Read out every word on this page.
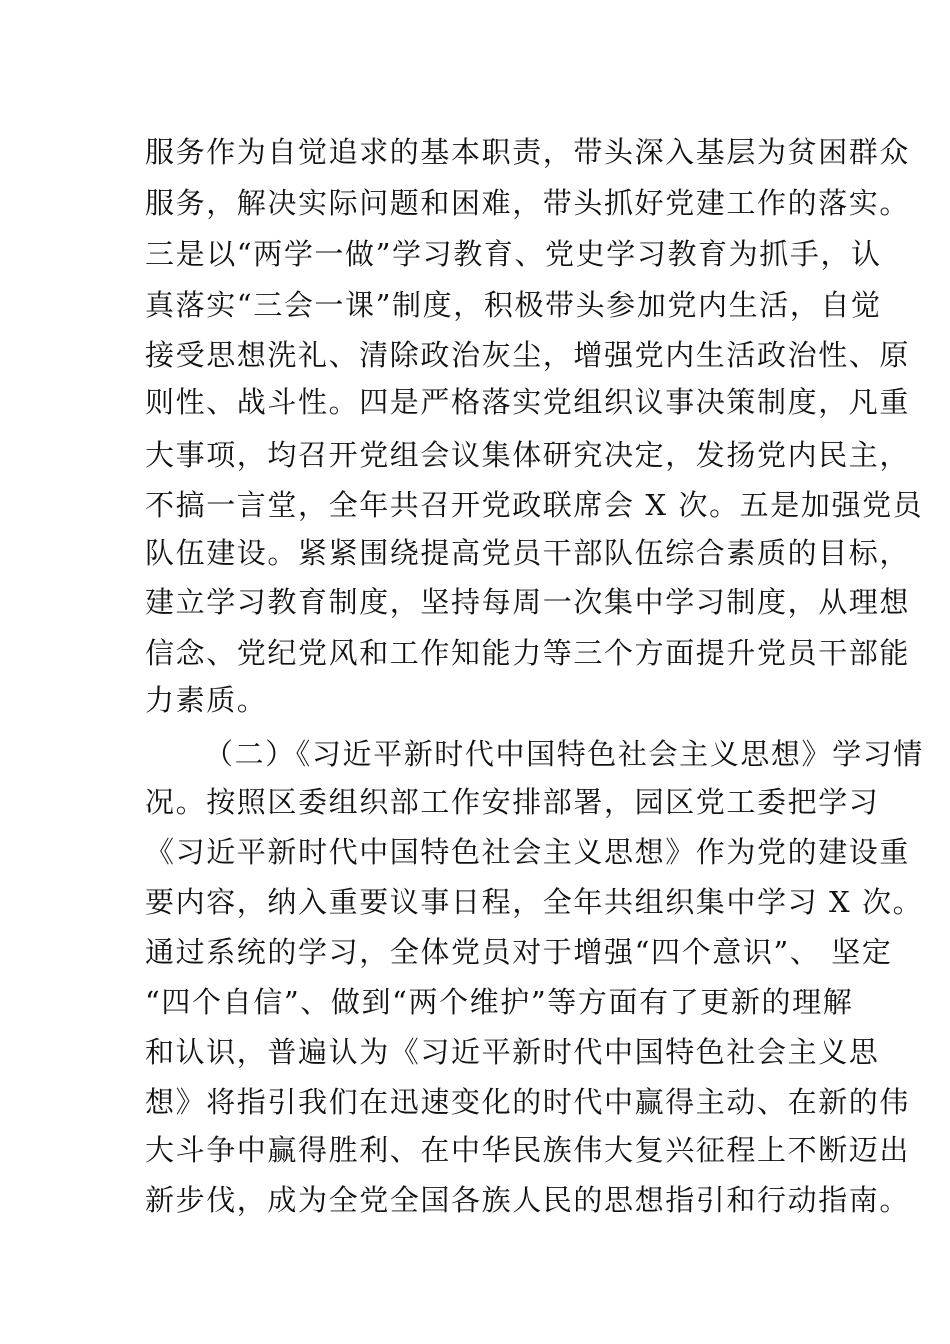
服务作为自觉追求的基本职责，带头深入基层为贫困群众
服务，解决实际问题和困难，带头抓好党建工作的落实。
三是以“两学一做”学习教育、党史学习教育为抓手，认
真落实“三会一课”制度，积极带头参加党内生活，自觉
接受思想洗礼、清除政治灰尘，增强党内生活政治性、原
则性、战斗性。四是严格落实党组织议事决策制度，凡重
大事项，均召开党组会议集体研究决定，发扬党内民主，
不搞一言堂，全年共召开党政联席会 X 次。五是加强党员
队伍建设。紧紧围绕提高党员干部队伍综合素质的目标，
建立学习教育制度，坚持每周一次集中学习制度，从理想
信念、党纪党风和工作知能力等三个方面提升党员干部能
力素质。
（二）《习近平新时代中国特色社会主义思想》学习情
况。按照区委组织部工作安排部署，园区党工委把学习
《习近平新时代中国特色社会主义思想》作为党的建设重
要内容，纳入重要议事日程，全年共组织集中学习 X 次。
通过系统的学习，全体党员对于增强“四个意识”、 坚定
“四个自信”、做到“两个维护”等方面有了更新的理解
和认识，普遍认为《习近平新时代中国特色社会主义思
想》将指引我们在迅速变化的时代中赢得主动、在新的伟
大斗争中赢得胜利、在中华民族伟大复兴征程上不断迈出
新步伐，成为全党全国各族人民的思想指引和行动指南。
